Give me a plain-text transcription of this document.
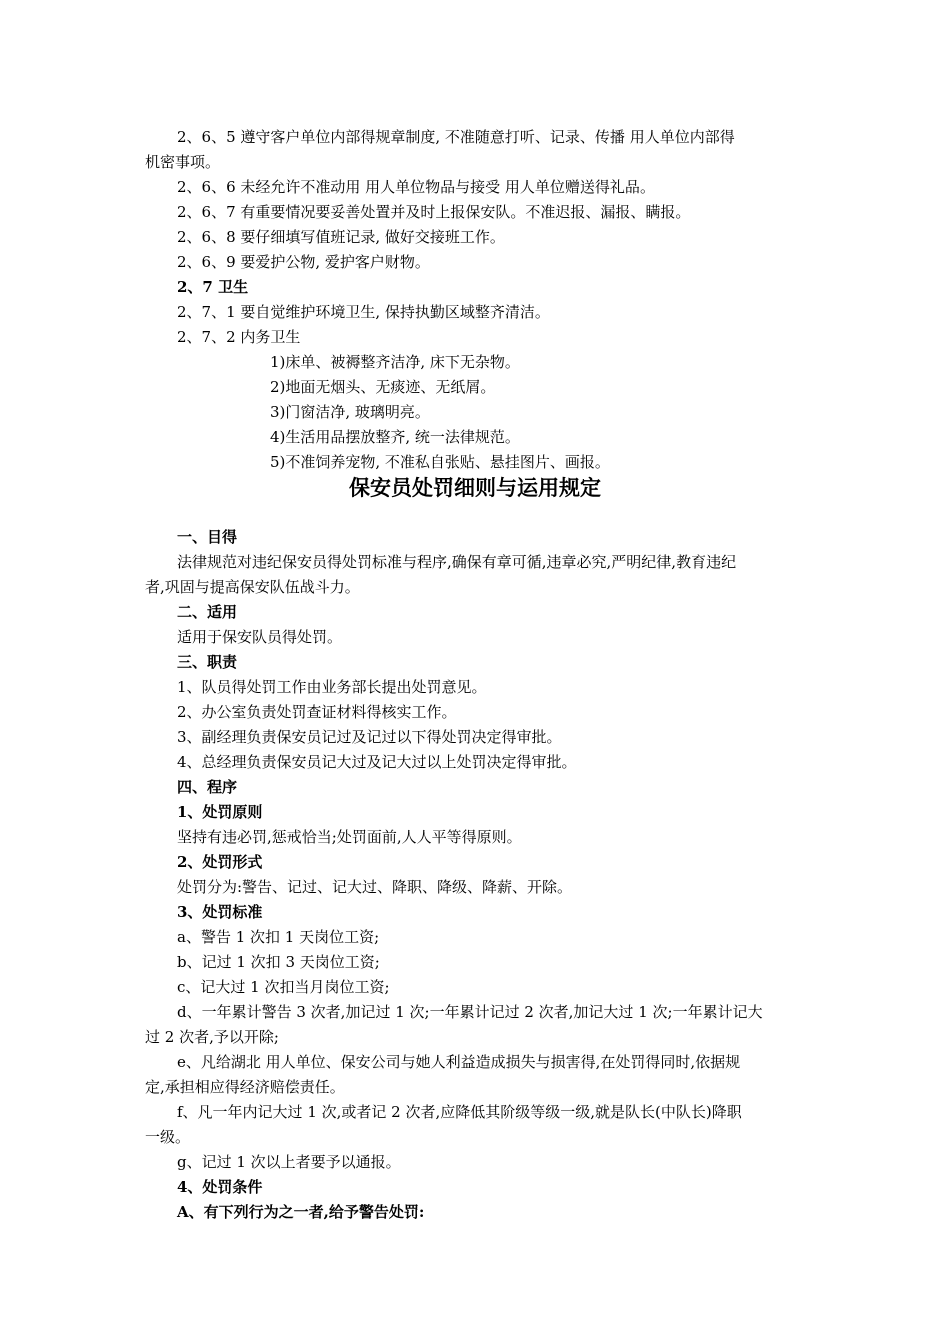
2、6、5 遵守客户单位内部得规章制度, 不准随意打听、记录、传播 用人单位内部得
机密事项。
2、6、6 未经允许不准动用 用人单位物品与接受 用人单位赠送得礼品。
2、6、7 有重要情况要妥善处置并及时上报保安队。不准迟报、漏报、瞒报。
2、6、8 要仔细填写值班记录, 做好交接班工作。
2、6、9 要爱护公物, 爱护客户财物。
2、7 卫生
2、7、1 要自觉维护环境卫生, 保持执勤区域整齐清洁。
2、7、2 内务卫生
1)床单、被褥整齐洁净, 床下无杂物。
2)地面无烟头、无痰迹、无纸屑。
3)门窗洁净, 玻璃明亮。
4)生活用品摆放整齐, 统一法律规范。
5)不准饲养宠物, 不准私自张贴、悬挂图片、画报。
保安员处罚细则与运用规定
一、目得
法律规范对违纪保安员得处罚标准与程序,确保有章可循,违章必究,严明纪律,教育违纪
者,巩固与提高保安队伍战斗力。
二、适用
适用于保安队员得处罚。
三、职责
1、队员得处罚工作由业务部长提出处罚意见。
2、办公室负责处罚查证材料得核实工作。
3、副经理负责保安员记过及记过以下得处罚决定得审批。
4、总经理负责保安员记大过及记大过以上处罚决定得审批。
四、程序
1、处罚原则
坚持有违必罚,惩戒恰当;处罚面前,人人平等得原则。
2、处罚形式
处罚分为:警告、记过、记大过、降职、降级、降薪、开除。
3、处罚标准
a、警告 1 次扣 1 天岗位工资;
b、记过 1 次扣 3 天岗位工资;
c、记大过 1 次扣当月岗位工资;
d、一年累计警告 3 次者,加记过 1 次;一年累计记过 2 次者,加记大过 1 次;一年累计记大
过 2 次者,予以开除;
e、凡给湖北 用人单位、保安公司与她人利益造成损失与损害得,在处罚得同时,依据规
定,承担相应得经济赔偿责任。
f、凡一年内记大过 1 次,或者记 2 次者,应降低其阶级等级一级,就是队长(中队长)降职
一级。
g、记过 1 次以上者要予以通报。
4、处罚条件
A、有下列行为之一者,给予警告处罚:
